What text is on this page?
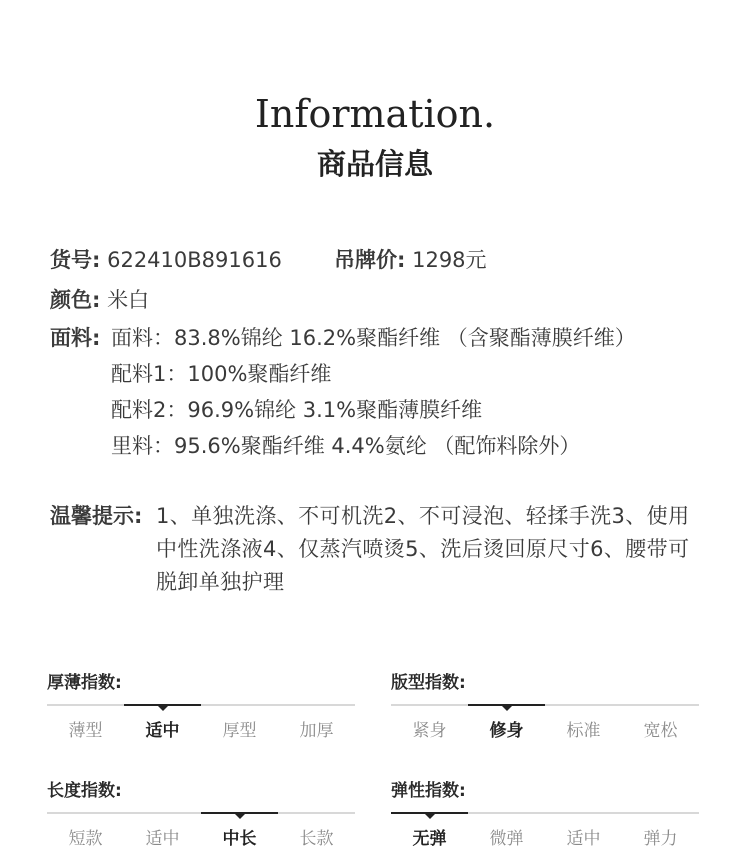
Information.
商品信息
货号: 622410B891616 吊牌价: 1298元
颜色: 米白
面料: 面料：83.8%锦纶 16.2%聚酯纤维 （含聚酯薄膜纤维）
配料1：100%聚酯纤维
配料2：96.9%锦纶 3.1%聚酯薄膜纤维
里料：95.6%聚酯纤维 4.4%氨纶 （配饰料除外）
温馨提示: 1、单独洗涤、不可机洗2、不可浸泡、轻揉手洗3、使用中性洗涤液4、仅蒸汽喷烫5、洗后烫回原尺寸6、腰带可脱卸单独护理
厚薄指数:
薄型	适中	厚型	加厚
版型指数:
紧身	修身	标准	宽松
长度指数:
短款	适中	中长	长款
弹性指数:
无弹	微弹	适中	弹力
